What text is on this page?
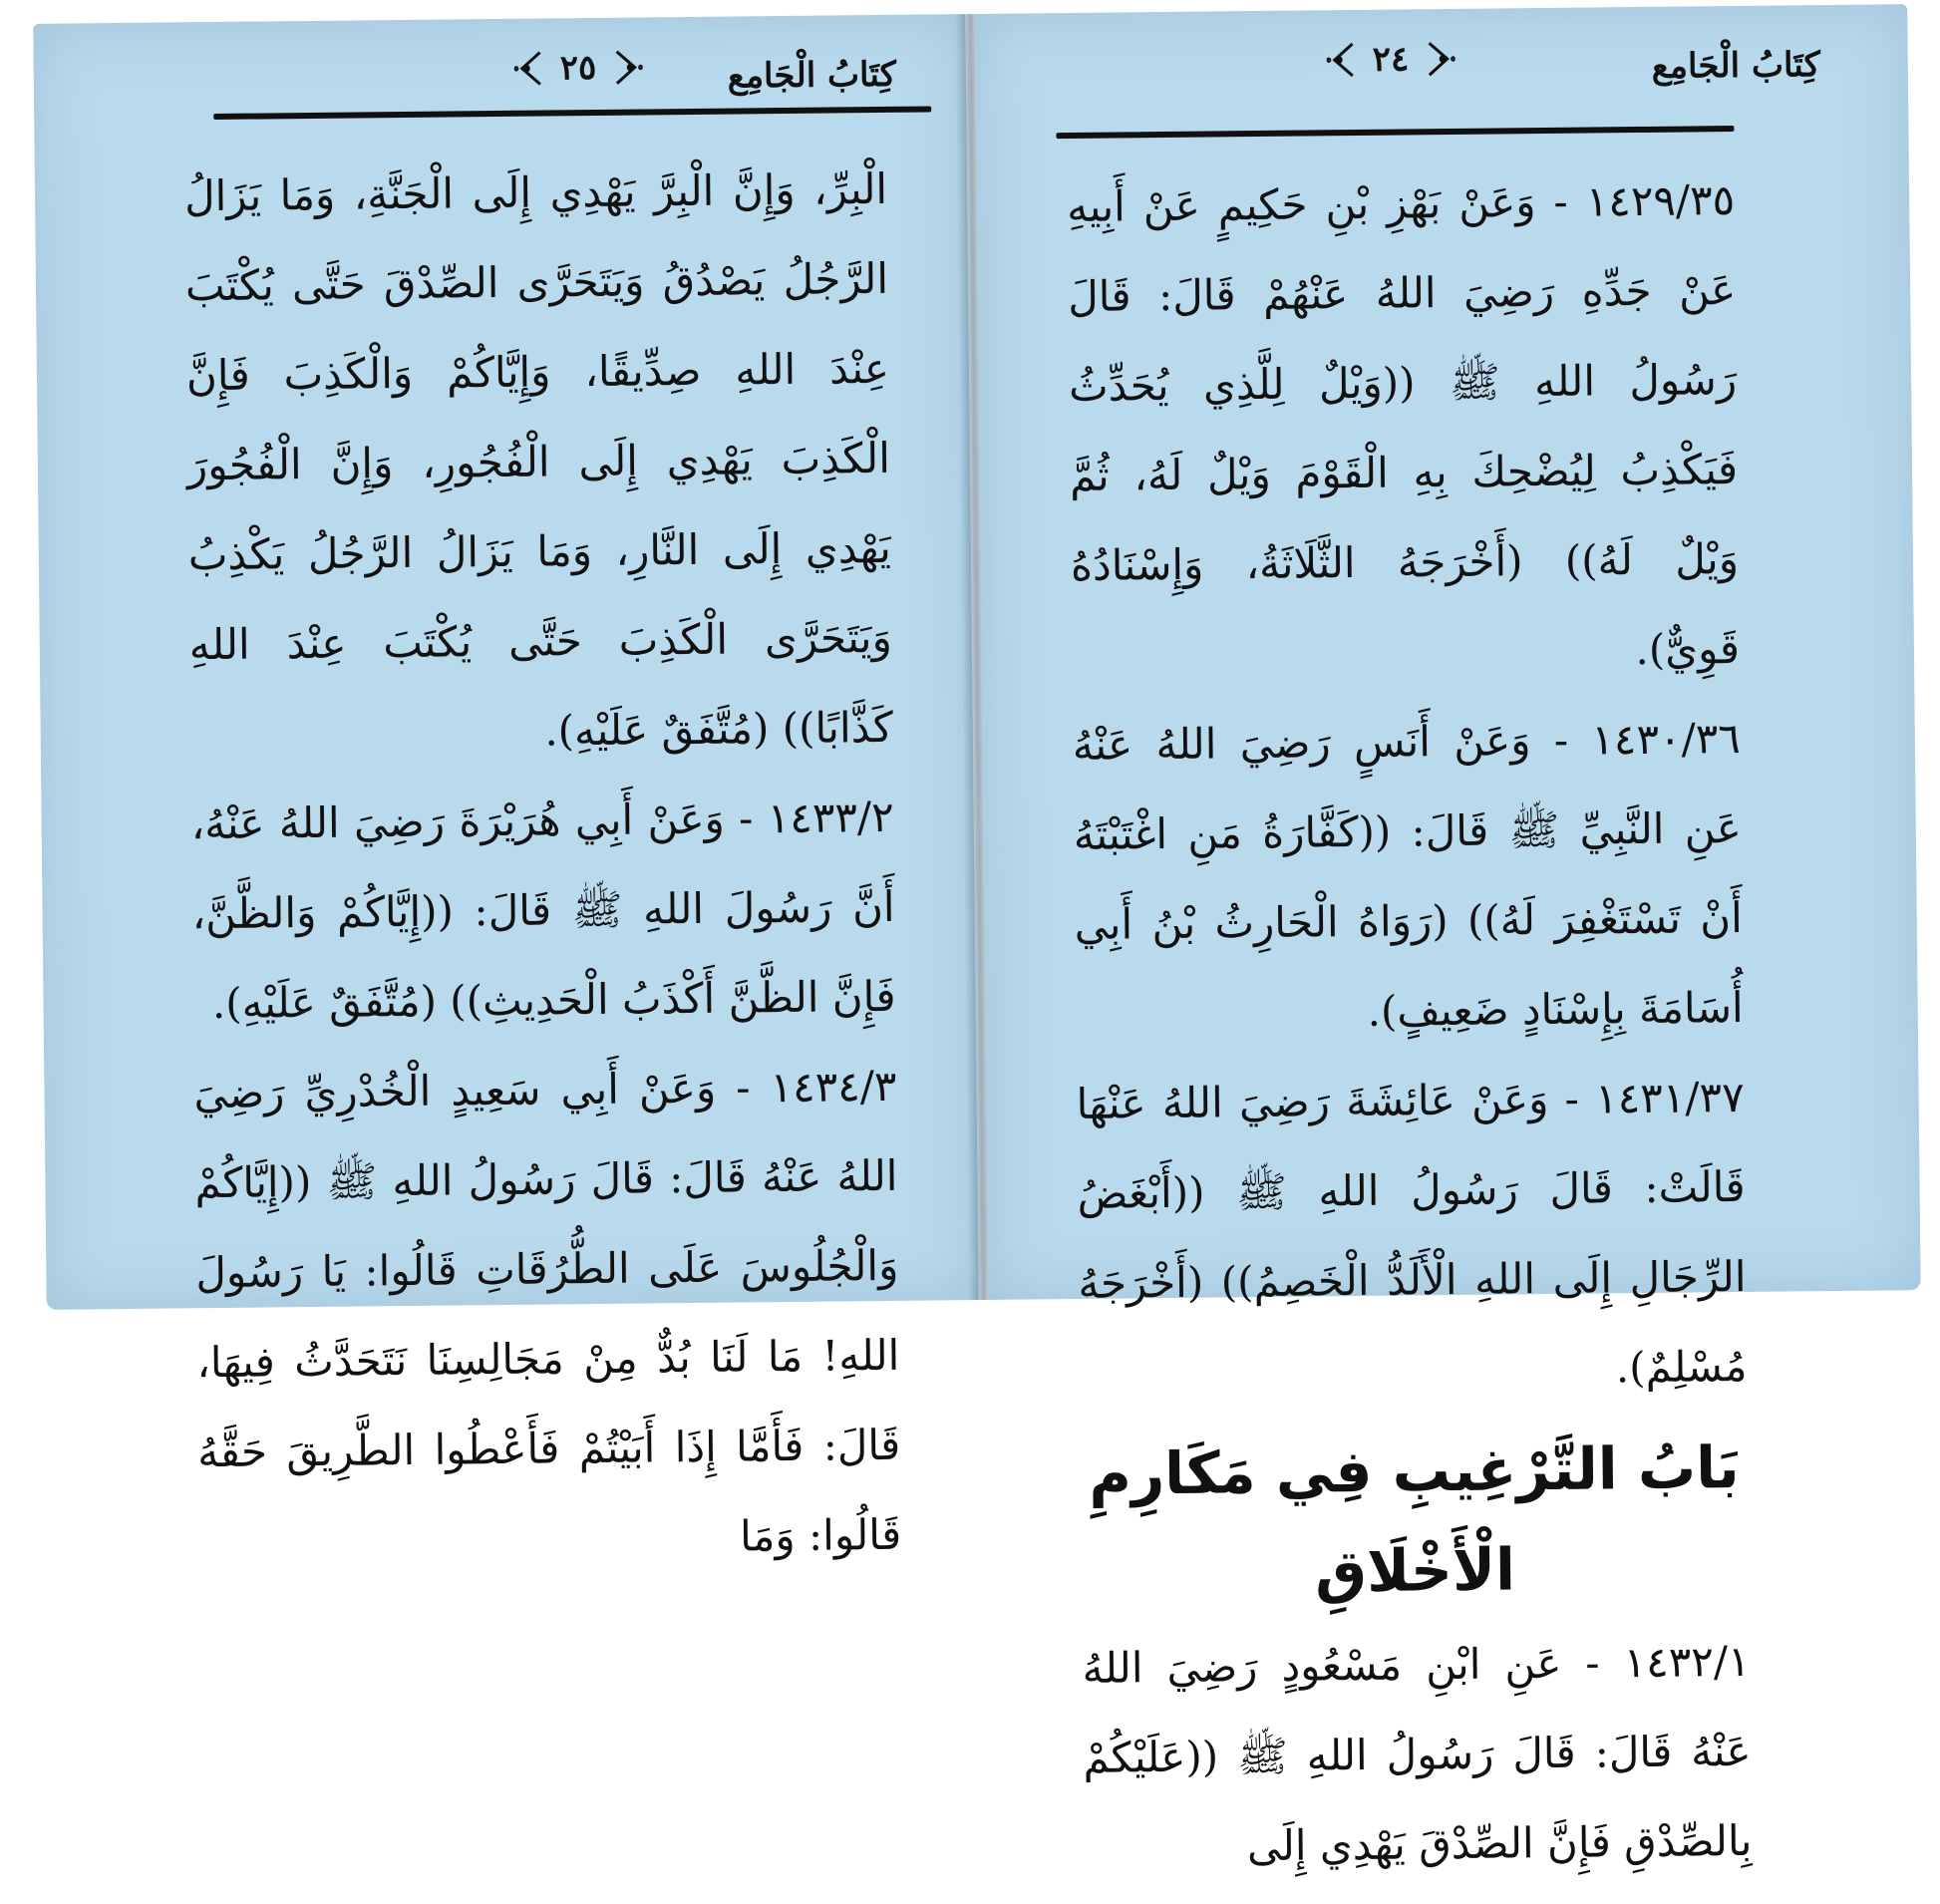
٢٥	كِتَابُ الْجَامِع

الْبِرِّ، وَإِنَّ الْبِرَّ يَهْدِي إِلَى الْجَنَّةِ، وَمَا يَزَالُ الرَّجُلُ يَصْدُقُ وَيَتَحَرَّى الصِّدْقَ حَتَّى يُكْتَبَ عِنْدَ اللهِ صِدِّيقًا، وَإِيَّاكُمْ وَالْكَذِبَ فَإِنَّ الْكَذِبَ يَهْدِي إِلَى الْفُجُورِ، وَإِنَّ الْفُجُورَ يَهْدِي إِلَى النَّارِ، وَمَا يَزَالُ الرَّجُلُ يَكْذِبُ وَيَتَحَرَّى الْكَذِبَ حَتَّى يُكْتَبَ عِنْدَ اللهِ كَذَّابًا)) (مُتَّفَقٌ عَلَيْهِ).

١٤٣٣/٢ - وَعَنْ أَبِي هُرَيْرَةَ رَضِيَ اللهُ عَنْهُ، أَنَّ رَسُولَ اللهِ ﷺ قَالَ: ((إِيَّاكُمْ وَالظَّنَّ، فَإِنَّ الظَّنَّ أَكْذَبُ الْحَدِيثِ)) (مُتَّفَقٌ عَلَيْهِ).

١٤٣٤/٣ - وَعَنْ أَبِي سَعِيدٍ الْخُدْرِيِّ رَضِيَ اللهُ عَنْهُ قَالَ: قَالَ رَسُولُ اللهِ ﷺ ((إِيَّاكُمْ وَالْجُلُوسَ عَلَى الطُّرُقَاتِ قَالُوا: يَا رَسُولَ اللهِ! مَا لَنَا بُدٌّ مِنْ مَجَالِسِنَا نَتَحَدَّثُ فِيهَا، قَالَ: فَأَمَّا إِذَا أَبَيْتُمْ فَأَعْطُوا الطَّرِيقَ حَقَّهُ قَالُوا: وَمَا

٢٤	كِتَابُ الْجَامِع

١٤٢٩/٣٥ - وَعَنْ بَهْزِ بْنِ حَكِيمٍ عَنْ أَبِيهِ عَنْ جَدِّهِ رَضِيَ اللهُ عَنْهُمْ قَالَ: قَالَ رَسُولُ اللهِ ﷺ ((وَيْلٌ لِلَّذِي يُحَدِّثُ فَيَكْذِبُ لِيُضْحِكَ بِهِ الْقَوْمَ وَيْلٌ لَهُ، ثُمَّ وَيْلٌ لَهُ)) (أَخْرَجَهُ الثَّلَاثَةُ، وَإِسْنَادُهُ قَوِيٌّ).

١٤٣٠/٣٦ - وَعَنْ أَنَسٍ رَضِيَ اللهُ عَنْهُ عَنِ النَّبِيِّ ﷺ قَالَ: ((كَفَّارَةُ مَنِ اغْتَبْتَهُ أَنْ تَسْتَغْفِرَ لَهُ)) (رَوَاهُ الْحَارِثُ بْنُ أَبِي أُسَامَةَ بِإِسْنَادٍ ضَعِيفٍ).

١٤٣١/٣٧ - وَعَنْ عَائِشَةَ رَضِيَ اللهُ عَنْهَا قَالَتْ: قَالَ رَسُولُ اللهِ ﷺ ((أَبْغَضُ الرِّجَالِ إِلَى اللهِ الْأَلَدُّ الْخَصِمُ)) (أَخْرَجَهُ مُسْلِمٌ).

بَابُ التَّرْغِيبِ فِي مَكَارِمِ الْأَخْلَاقِ

١٤٣٢/١ - عَنِ ابْنِ مَسْعُودٍ رَضِيَ اللهُ عَنْهُ قَالَ: قَالَ رَسُولُ اللهِ ﷺ ((عَلَيْكُمْ بِالصِّدْقِ فَإِنَّ الصِّدْقَ يَهْدِي إِلَى
